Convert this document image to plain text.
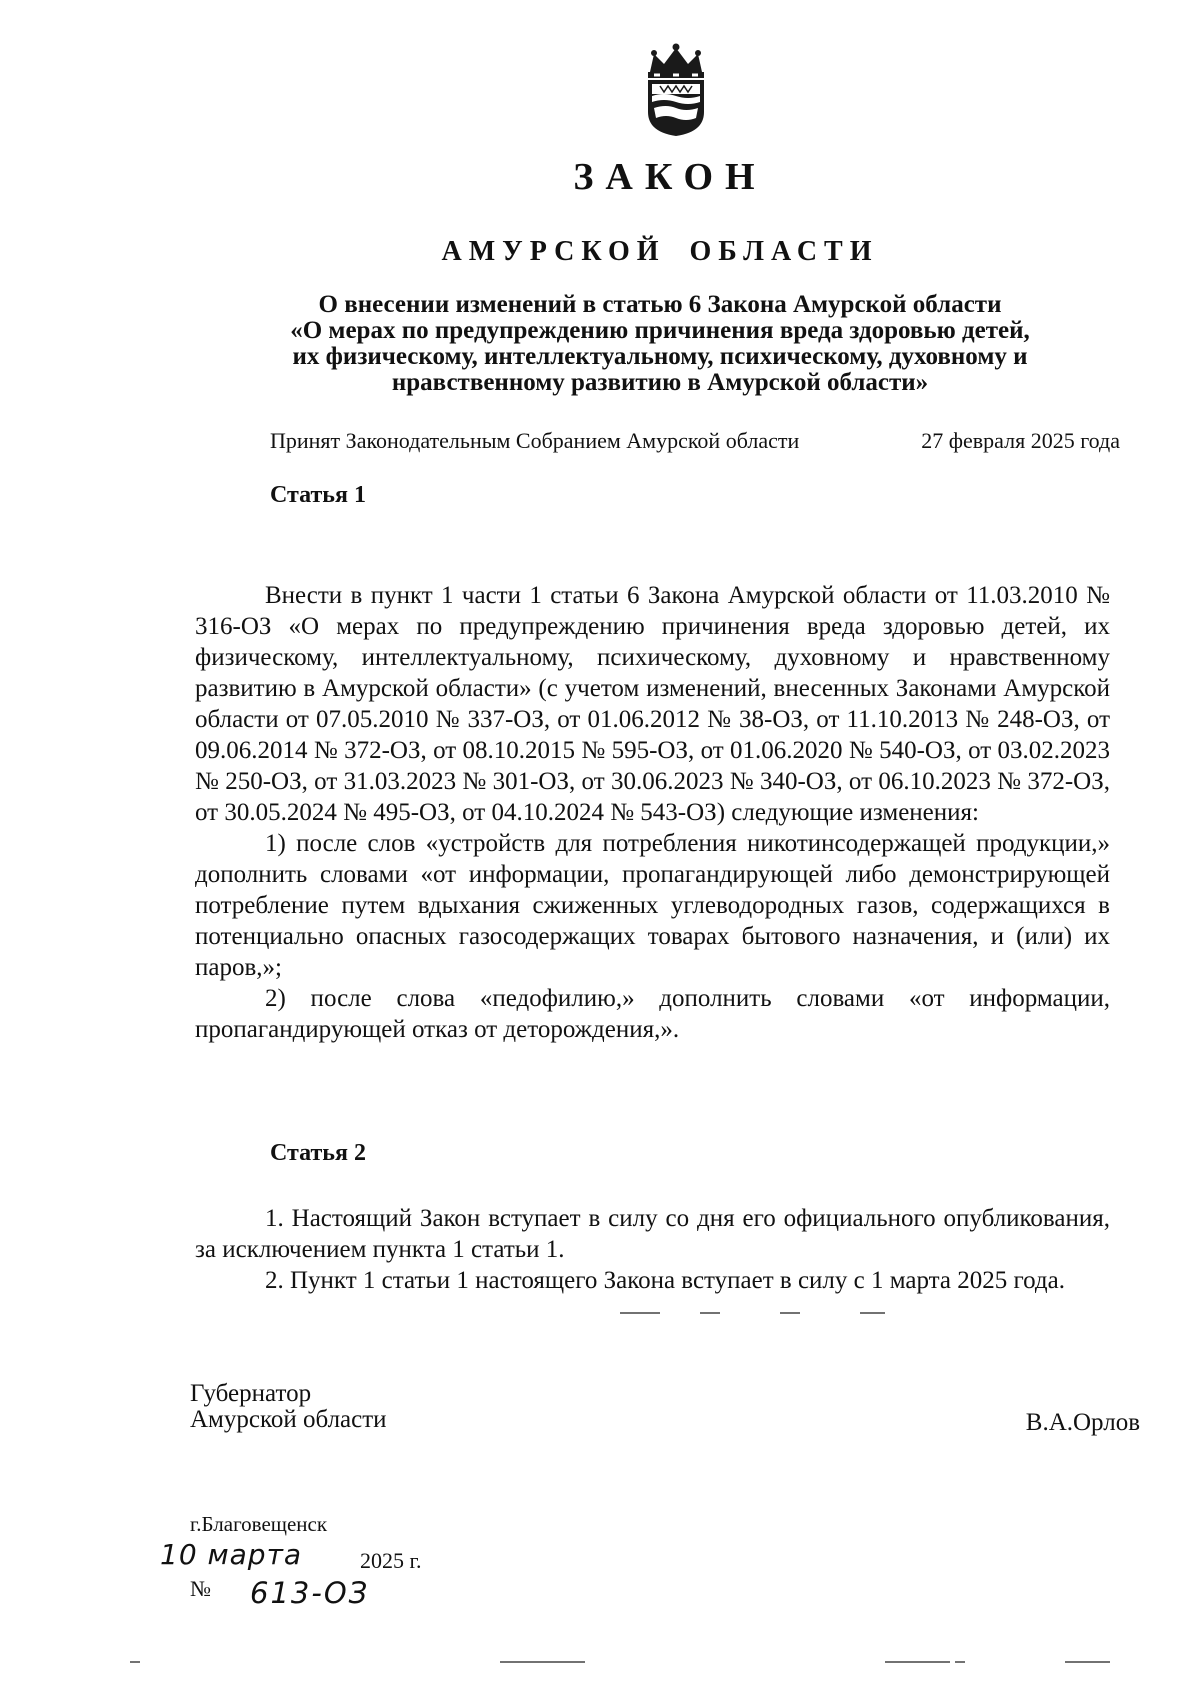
ЗАКОН
АМУРСКОЙ ОБЛАСТИ
О внесении изменений в статью 6 Закона Амурской области
«О мерах по предупреждению причинения вреда здоровью детей,
их физическому, интеллектуальному, психическому, духовному и
нравственному развитию в Амурской области»
Принят Законодательным Собранием Амурской области	27 февраля 2025 года
Статья 1

Внести в пункт 1 части 1 статьи 6 Закона Амурской области от 11.03.2010 № 316-ОЗ «О мерах по предупреждению причинения вреда здоровью детей, их физическому, интеллектуальному, психическому, духовному и нравственному развитию в Амурской области» (с учетом изменений, внесенных Законами Амурской области от 07.05.2010 № 337-ОЗ, от 01.06.2012 № 38-ОЗ, от 11.10.2013 № 248-ОЗ, от 09.06.2014 № 372-ОЗ, от 08.10.2015 № 595-ОЗ, от 01.06.2020 № 540-ОЗ, от 03.02.2023 № 250-ОЗ, от 31.03.2023 № 301-ОЗ, от 30.06.2023 № 340-ОЗ, от 06.10.2023 № 372-ОЗ, от 30.05.2024 № 495-ОЗ, от 04.10.2024 № 543-ОЗ) следующие изменения:

1) после слов «устройств для потребления никотинсодержащей продукции,» дополнить словами «от информации, пропагандирующей либо демонстрирующей потребление путем вдыхания сжиженных углеводородных газов, содержащихся в потенциально опасных газосодержащих товарах бытового назначения, и (или) их паров,»;

2) после слова «педофилию,» дополнить словами «от информации, пропагандирующей отказ от деторождения,».

Статья 2

1. Настоящий Закон вступает в силу со дня его официального опубликования, за исключением пункта 1 статьи 1.

2. Пункт 1 статьи 1 настоящего Закона вступает в силу с 1 марта 2025 года.

Губернатор
Амурской области	В.А.Орлов
г.Благовещенск
10 марта	2025 г.
№ 613-ОЗ
